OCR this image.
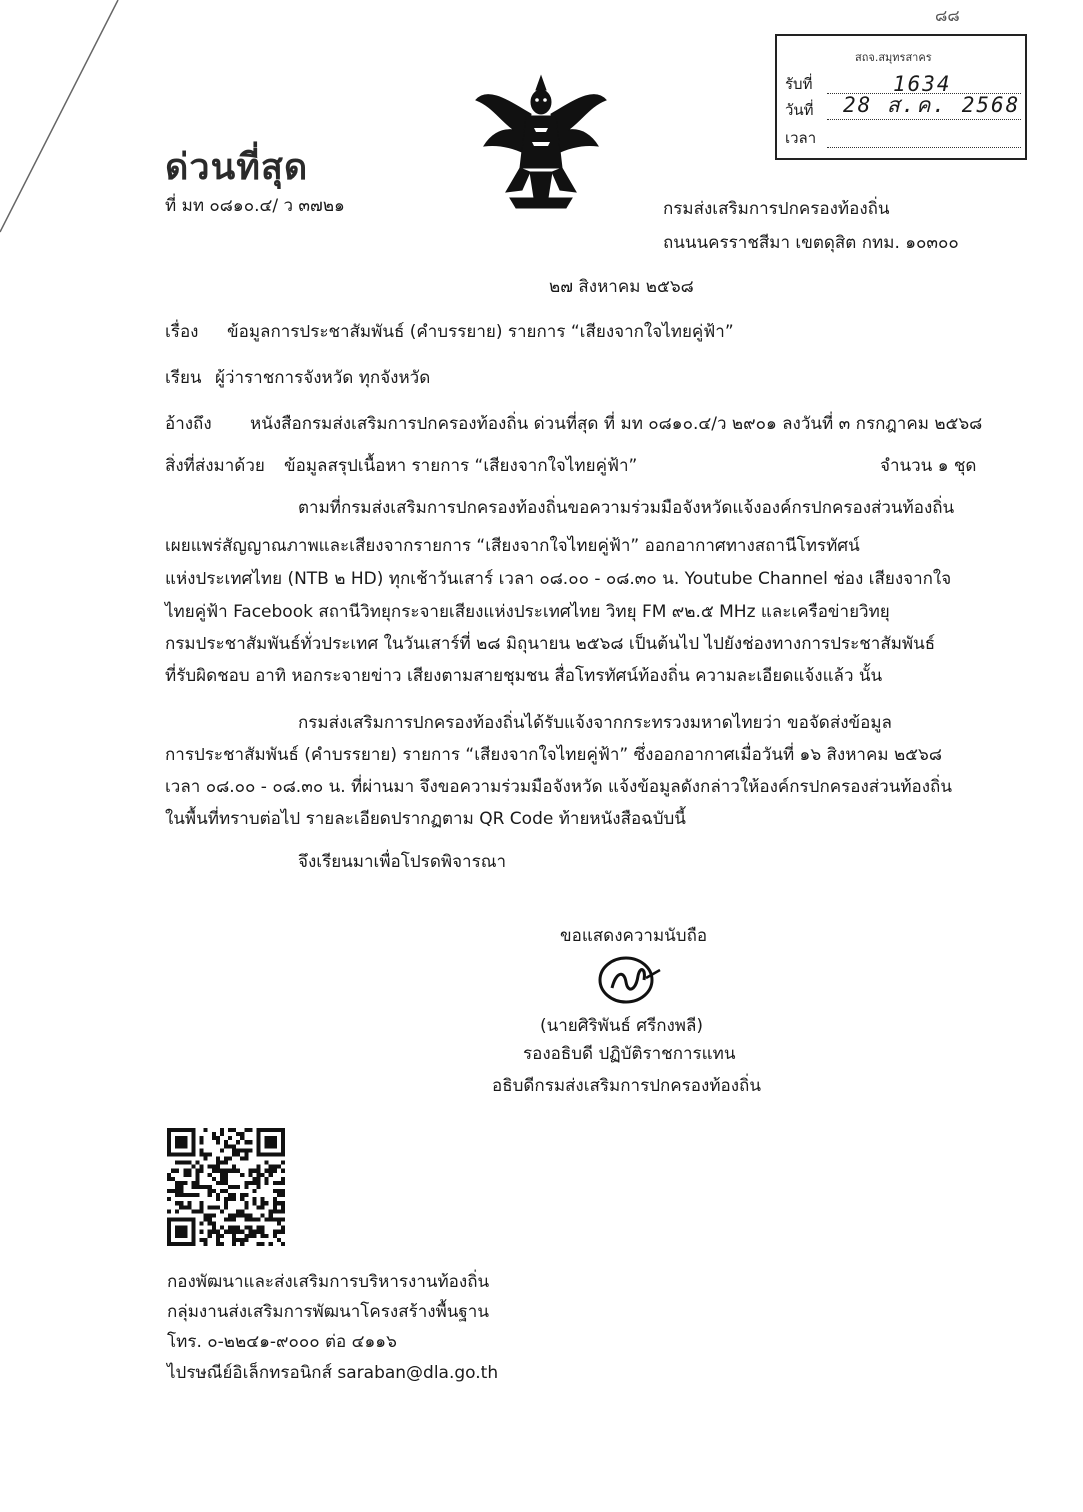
๘๘
สถจ.สมุทรสาคร
รับที่	1634
วันที่ 28 ส.ค. 2568
เวลา
ด่วนที่สุด
ที่ มท ๐๘๑๐.๔/ ว ๓๗๒๑	กรมส่งเสริมการปกครองท้องถิ่น
ถนนนครราชสีมา เขตดุสิต กทม. ๑๐๓๐๐
๒๗ สิงหาคม ๒๕๖๘
เรื่อง ข้อมูลการประชาสัมพันธ์ (คำบรรยาย) รายการ “เสียงจากใจไทยคู่ฟ้า”
เรียน ผู้ว่าราชการจังหวัด ทุกจังหวัด
อ้างถึง หนังสือกรมส่งเสริมการปกครองท้องถิ่น ด่วนที่สุด ที่ มท ๐๘๑๐.๔/ว ๒๙๐๑ ลงวันที่ ๓ กรกฎาคม ๒๕๖๘
สิ่งที่ส่งมาด้วย ข้อมูลสรุปเนื้อหา รายการ “เสียงจากใจไทยคู่ฟ้า”	จำนวน ๑ ชุด
ตามที่กรมส่งเสริมการปกครองท้องถิ่นขอความร่วมมือจังหวัดแจ้งองค์กรปกครองส่วนท้องถิ่น
เผยแพร่สัญญาณภาพและเสียงจากรายการ “เสียงจากใจไทยคู่ฟ้า” ออกอากาศทางสถานีโทรทัศน์
แห่งประเทศไทย (NTB ๒ HD) ทุกเช้าวันเสาร์ เวลา ๐๘.๐๐ - ๐๘.๓๐ น. Youtube Channel ช่อง เสียงจากใจ
ไทยคู่ฟ้า Facebook สถานีวิทยุกระจายเสียงแห่งประเทศไทย วิทยุ FM ๙๒.๕ MHz และเครือข่ายวิทยุ
กรมประชาสัมพันธ์ทั่วประเทศ ในวันเสาร์ที่ ๒๘ มิถุนายน ๒๕๖๘ เป็นต้นไป ไปยังช่องทางการประชาสัมพันธ์
ที่รับผิดชอบ อาทิ หอกระจายข่าว เสียงตามสายชุมชน สื่อโทรทัศน์ท้องถิ่น ความละเอียดแจ้งแล้ว นั้น
กรมส่งเสริมการปกครองท้องถิ่นได้รับแจ้งจากกระทรวงมหาดไทยว่า ขอจัดส่งข้อมูล
การประชาสัมพันธ์ (คำบรรยาย) รายการ “เสียงจากใจไทยคู่ฟ้า” ซึ่งออกอากาศเมื่อวันที่ ๑๖ สิงหาคม ๒๕๖๘
เวลา ๐๘.๐๐ - ๐๘.๓๐ น. ที่ผ่านมา จึงขอความร่วมมือจังหวัด แจ้งข้อมูลดังกล่าวให้องค์กรปกครองส่วนท้องถิ่น
ในพื้นที่ทราบต่อไป รายละเอียดปรากฏตาม QR Code ท้ายหนังสือฉบับนี้
จึงเรียนมาเพื่อโปรดพิจารณา
ขอแสดงความนับถือ
(นายศิริพันธ์ ศรีกงพลี)
รองอธิบดี ปฏิบัติราชการแทน
อธิบดีกรมส่งเสริมการปกครองท้องถิ่น
กองพัฒนาและส่งเสริมการบริหารงานท้องถิ่น
กลุ่มงานส่งเสริมการพัฒนาโครงสร้างพื้นฐาน
โทร. ๐-๒๒๔๑-๙๐๐๐ ต่อ ๔๑๑๖
ไปรษณีย์อิเล็กทรอนิกส์ saraban@dla.go.th
